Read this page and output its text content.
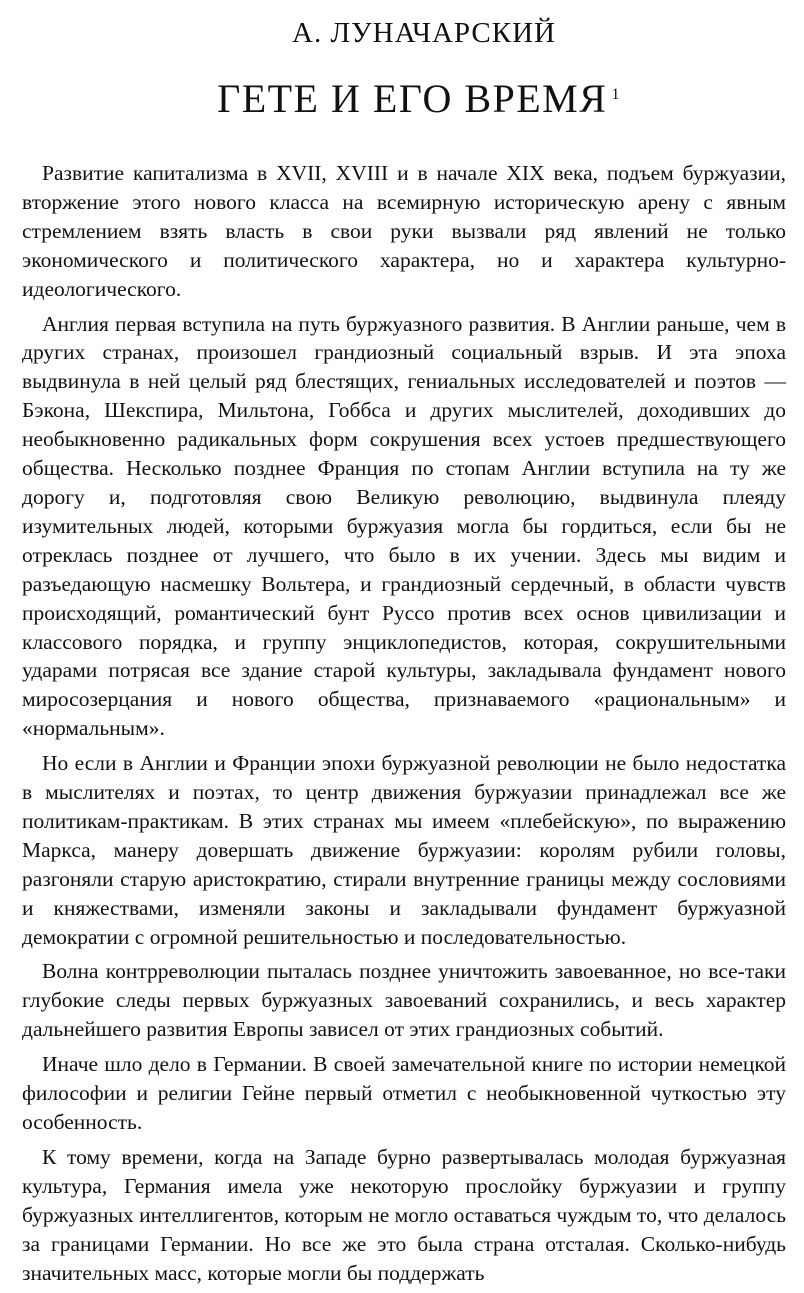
А. ЛУНАЧАРСКИЙ
ГЕТЕ И ЕГО ВРЕМЯ $^1$

Развитие капитализма в XVII, XVIII и в начале XIX века, подъем буржуазии, вторжение этого нового класса на всемирную историческую арену с явным стремлением взять власть в свои руки вызвали ряд явлений не только экономического и политического характера, но и характера культурно-идеологического.

Англия первая вступила на путь буржуазного развития. В Англии раньше, чем в других странах, произошел грандиозный социальный взрыв. И эта эпоха выдвинула в ней целый ряд блестящих, гениальных исследователей и поэтов — Бэкона, Шекспира, Мильтона, Гоббса и других мыслителей, доходивших до необыкновенно радикальных форм сокрушения всех устоев предшествующего общества. Несколько позднее Франция по стопам Англии вступила на ту же дорогу и, подготовляя свою Великую революцию, выдвинула плеяду изумительных людей, которыми буржуазия могла бы гордиться, если бы не отреклась позднее от лучшего, что было в их учении. Здесь мы видим и разъедающую насмешку Вольтера, и грандиозный сердечный, в области чувств происходящий, романтический бунт Руссо против всех основ цивилизации и классового порядка, и группу энциклопедистов, которая, сокрушительными ударами потрясая все здание старой культуры, закладывала фундамент нового миросозерцания и нового общества, признаваемого «рациональным» и «нормальным».

Но если в Англии и Франции эпохи буржуазной революции не было недостатка в мыслителях и поэтах, то центр движения буржуазии принадлежал все же политикам-практикам. В этих странах мы имеем «плебейскую», по выражению Маркса, манеру довершать движение буржуазии: королям рубили головы, разгоняли старую аристократию, стирали внутренние границы между сословиями и княжествами, изменяли законы и закладывали фундамент буржуазной демократии с огромной решительностью и последовательностью.

Волна контрреволюции пыталась позднее уничтожить завоеванное, но все-таки глубокие следы первых буржуазных завоеваний сохранились, и весь характер дальнейшего развития Европы зависел от этих грандиозных событий.

Иначе шло дело в Германии. В своей замечательной книге по истории немецкой философии и религии Гейне первый отметил с необыкновенной чуткостью эту особенность.

К тому времени, когда на Западе бурно развертывалась молодая буржуазная культура, Германия имела уже некоторую прослойку буржуазии и группу буржуазных интеллигентов, которым не могло оставаться чуждым то, что делалось за границами Германии. Но все же это была страна отсталая. Сколько-нибудь значительных масс, которые могли бы поддержать
